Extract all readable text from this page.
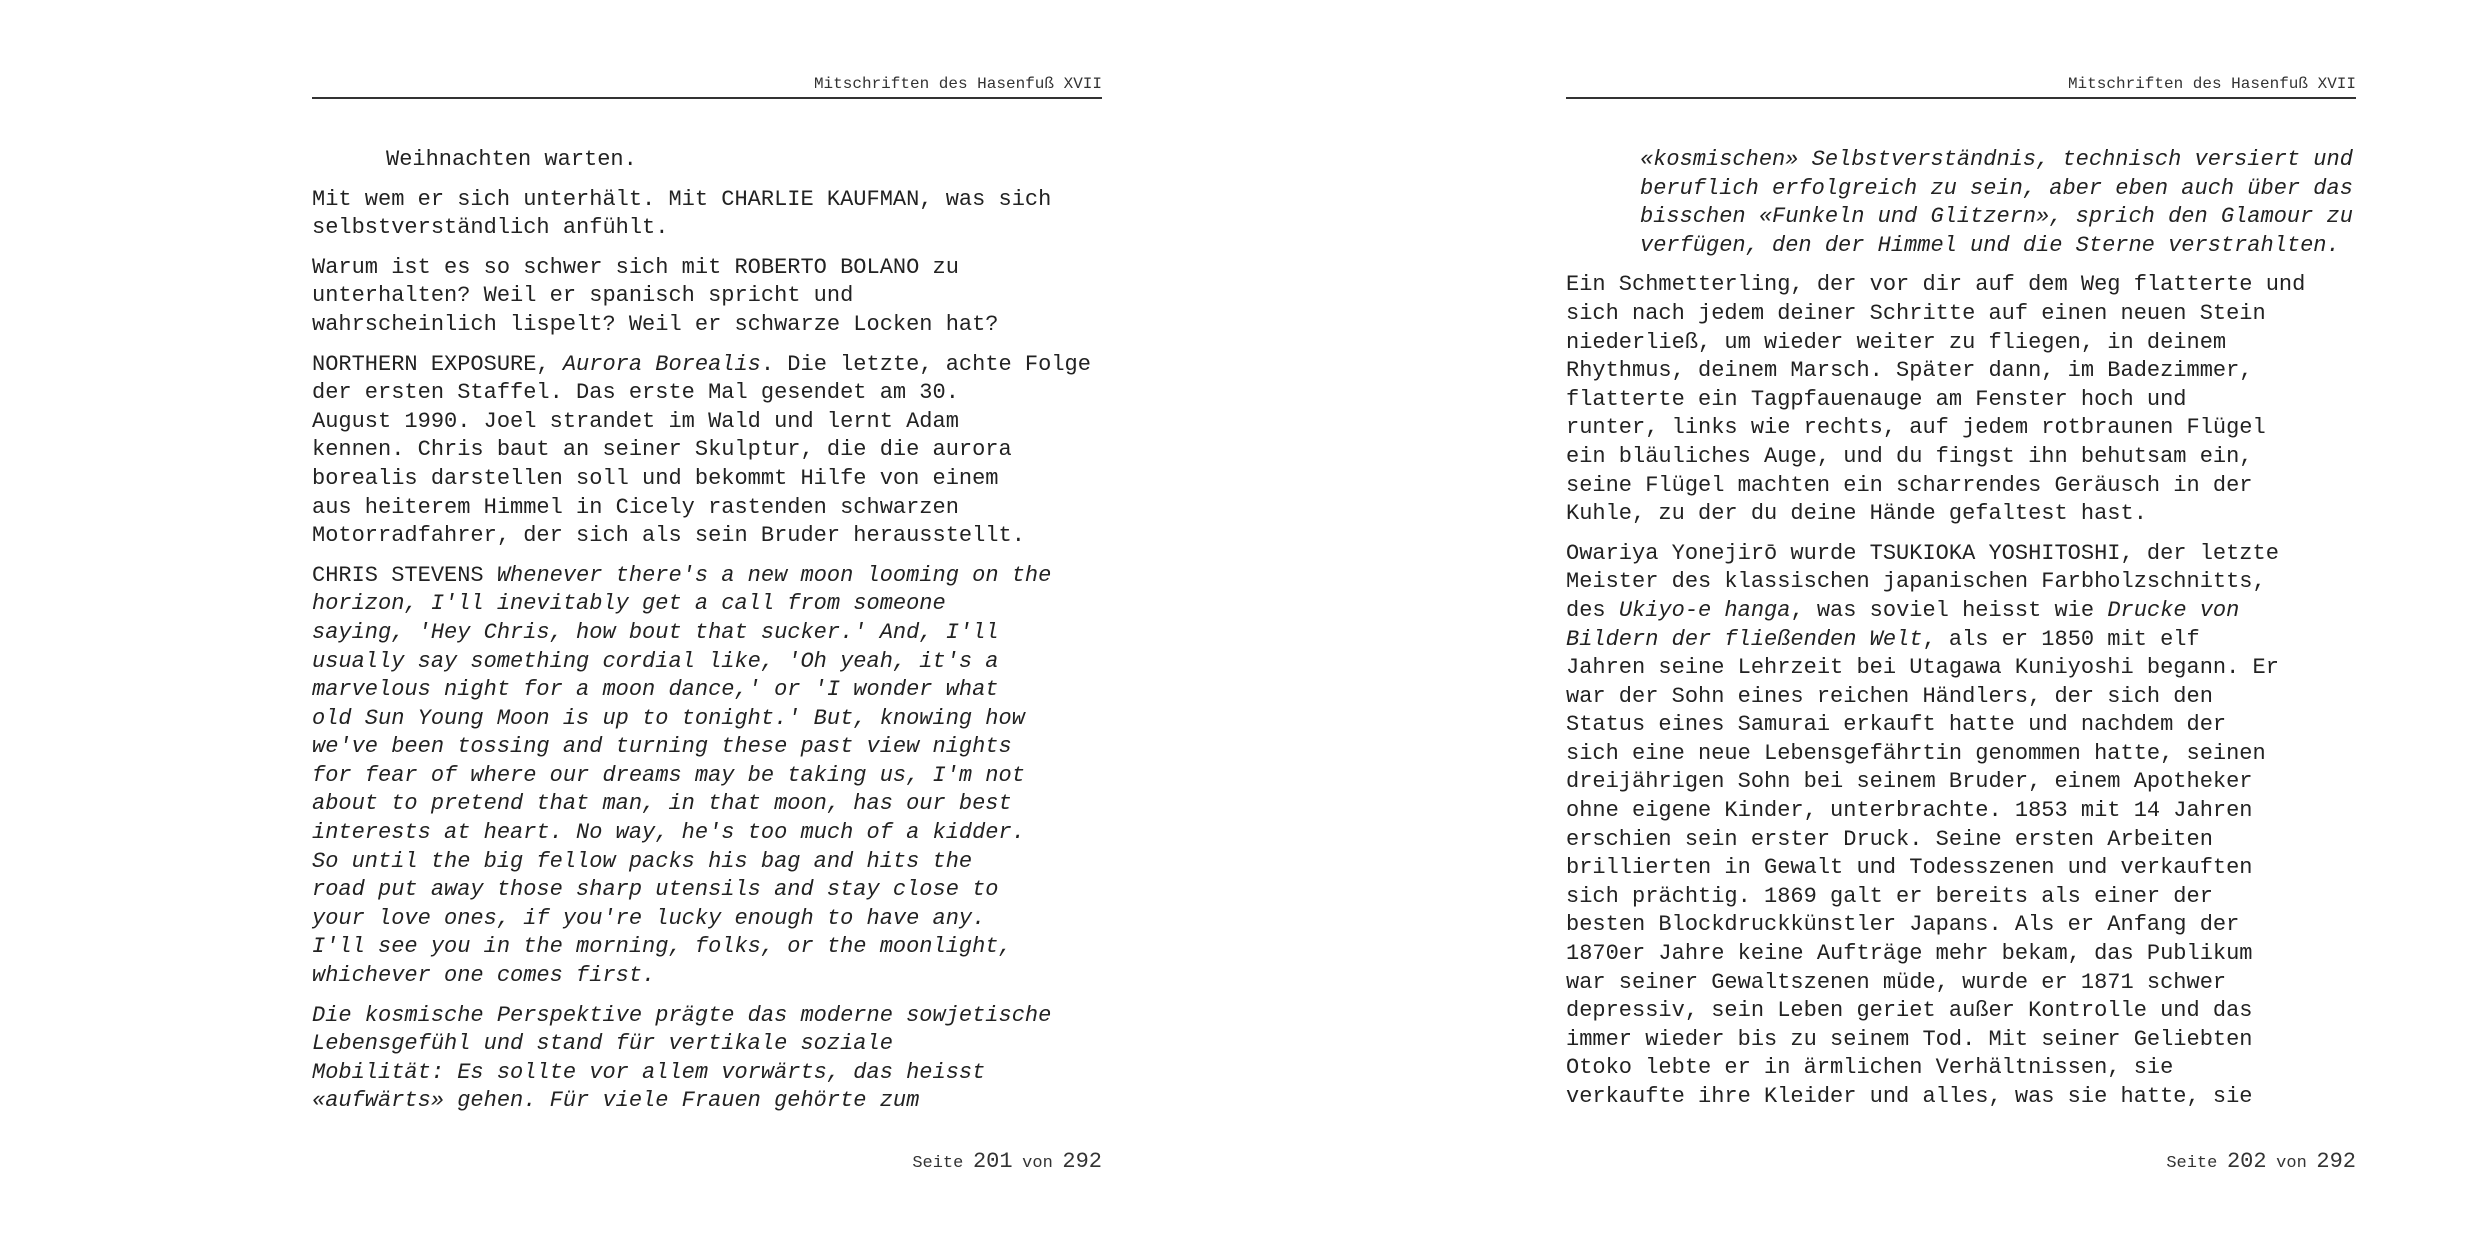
Mitschriften des Hasenfuß XVII

Weihnachten warten.

Mit wem er sich unterhält. Mit CHARLIE KAUFMAN, was sich
selbstverständlich anfühlt.

Warum ist es so schwer sich mit ROBERTO BOLANO zu
unterhalten? Weil er spanisch spricht und
wahrscheinlich lispelt? Weil er schwarze Locken hat?

NORTHERN EXPOSURE, Aurora Borealis. Die letzte, achte Folge
der ersten Staffel. Das erste Mal gesendet am 30.
August 1990. Joel strandet im Wald und lernt Adam
kennen. Chris baut an seiner Skulptur, die die aurora
borealis darstellen soll und bekommt Hilfe von einem
aus heiterem Himmel in Cicely rastenden schwarzen
Motorradfahrer, der sich als sein Bruder herausstellt.

CHRIS STEVENS Whenever there's a new moon looming on the
horizon, I'll inevitably get a call from someone
saying, 'Hey Chris, how bout that sucker.' And, I'll
usually say something cordial like, 'Oh yeah, it's a
marvelous night for a moon dance,' or 'I wonder what
old Sun Young Moon is up to tonight.' But, knowing how
we've been tossing and turning these past view nights
for fear of where our dreams may be taking us, I'm not
about to pretend that man, in that moon, has our best
interests at heart. No way, he's too much of a kidder.
So until the big fellow packs his bag and hits the
road put away those sharp utensils and stay close to
your love ones, if you're lucky enough to have any.
I'll see you in the morning, folks, or the moonlight,
whichever one comes first.

Die kosmische Perspektive prägte das moderne sowjetische
Lebensgefühl und stand für vertikale soziale
Mobilität: Es sollte vor allem vorwärts, das heisst
«aufwärts» gehen. Für viele Frauen gehörte zum

Seite 201 von 292
Mitschriften des Hasenfuß XVII

«kosmischen» Selbstverständnis, technisch versiert und
beruflich erfolgreich zu sein, aber eben auch über das
bisschen «Funkeln und Glitzern», sprich den Glamour zu
verfügen, den der Himmel und die Sterne verstrahlten.

Ein Schmetterling, der vor dir auf dem Weg flatterte und
sich nach jedem deiner Schritte auf einen neuen Stein
niederließ, um wieder weiter zu fliegen, in deinem
Rhythmus, deinem Marsch. Später dann, im Badezimmer,
flatterte ein Tagpfauenauge am Fenster hoch und
runter, links wie rechts, auf jedem rotbraunen Flügel
ein bläuliches Auge, und du fingst ihn behutsam ein,
seine Flügel machten ein scharrendes Geräusch in der
Kuhle, zu der du deine Hände gefaltest hast.

Owariya Yonejirō wurde TSUKIOKA YOSHITOSHI, der letzte
Meister des klassischen japanischen Farbholzschnitts,
des Ukiyo-e hanga, was soviel heisst wie Drucke von
Bildern der fließenden Welt, als er 1850 mit elf
Jahren seine Lehrzeit bei Utagawa Kuniyoshi begann. Er
war der Sohn eines reichen Händlers, der sich den
Status eines Samurai erkauft hatte und nachdem der
sich eine neue Lebensgefährtin genommen hatte, seinen
dreijährigen Sohn bei seinem Bruder, einem Apotheker
ohne eigene Kinder, unterbrachte. 1853 mit 14 Jahren
erschien sein erster Druck. Seine ersten Arbeiten
brillierten in Gewalt und Todesszenen und verkauften
sich prächtig. 1869 galt er bereits als einer der
besten Blockdruckkünstler Japans. Als er Anfang der
1870er Jahre keine Aufträge mehr bekam, das Publikum
war seiner Gewaltszenen müde, wurde er 1871 schwer
depressiv, sein Leben geriet außer Kontrolle und das
immer wieder bis zu seinem Tod. Mit seiner Geliebten
Otoko lebte er in ärmlichen Verhältnissen, sie
verkaufte ihre Kleider und alles, was sie hatte, sie

Seite 202 von 292
